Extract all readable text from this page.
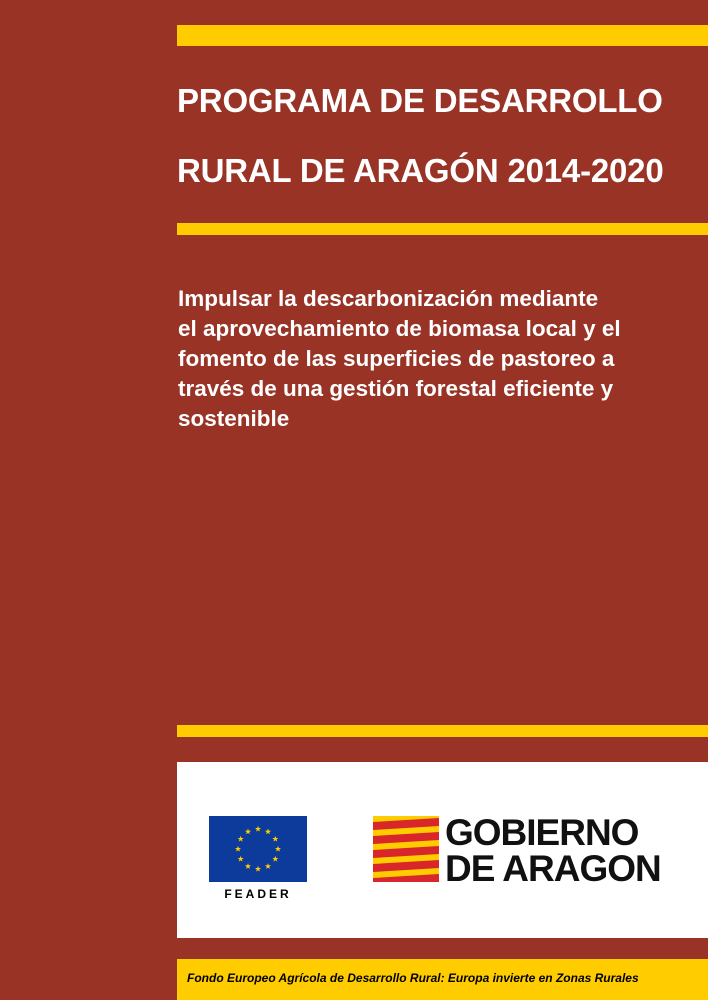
PROGRAMA DE DESARROLLO
RURAL DE ARAGÓN 2014-2020

Impulsar la descarbonización mediante
el aprovechamiento de biomasa local y el
fomento de las superficies de pastoreo a
través de una gestión forestal eficiente y
sostenible

FEADER
GOBIERNO
DE ARAGON
Fondo Europeo Agrícola de Desarrollo Rural: Europa invierte en Zonas Rurales
